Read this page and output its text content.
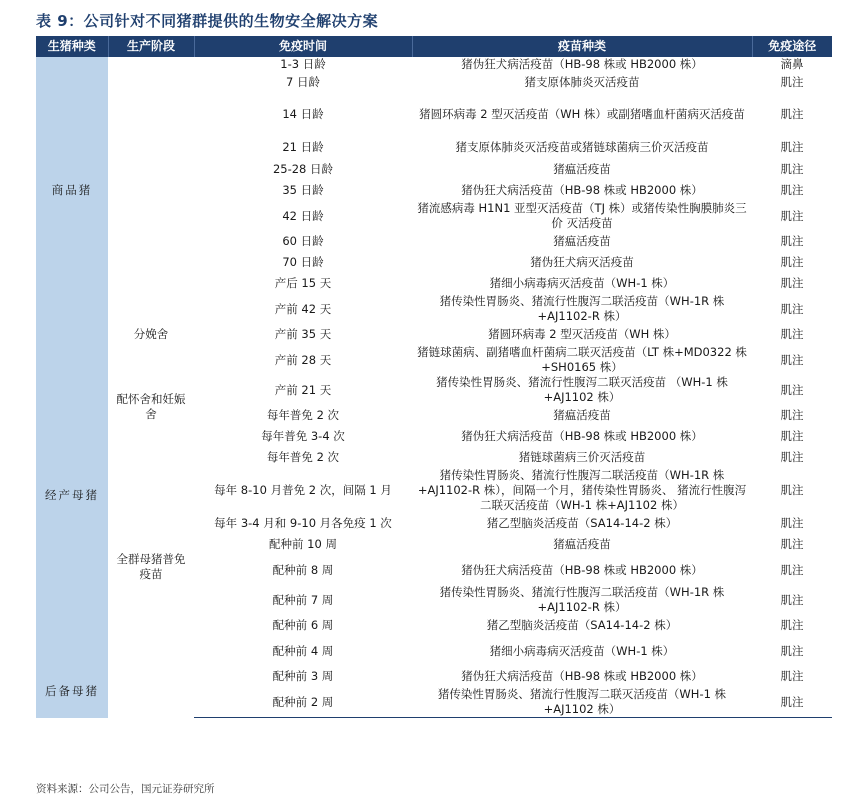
表 9：公司针对不同猪群提供的生物安全解决方案
生猪种类	生产阶段	免疫时间	疫苗种类	免疫途径
商品猪		1-3 日龄	猪伪狂犬病活疫苗（HB-98 株或 HB2000 株）	滴鼻
		7 日龄	猪支原体肺炎灭活疫苗	肌注
		14 日龄	猪圆环病毒 2 型灭活疫苗（WH 株）或副猪嗜血杆菌病灭活疫苗	肌注
		21 日龄	猪支原体肺炎灭活疫苗或猪链球菌病三价灭活疫苗	肌注
		25-28 日龄	猪瘟活疫苗	肌注
		35 日龄	猪伪狂犬病活疫苗（HB-98 株或 HB2000 株）	肌注
		42 日龄	猪流感病毒 H1N1 亚型灭活疫苗（TJ 株）或猪传染性胸膜肺炎三价 灭活疫苗	肌注
		60 日龄	猪瘟活疫苗	肌注
		70 日龄	猪伪狂犬病灭活疫苗	肌注
		产后 15 天	猪细小病毒病灭活疫苗（WH-1 株）	肌注
		产前 42 天	猪传染性胃肠炎、猪流行性腹泻二联活疫苗（WH-1R 株+AJ1102-R 株）	肌注
经产母猪	分娩舍	产前 35 天	猪圆环病毒 2 型灭活疫苗（WH 株）	肌注
	配怀舍和妊娠舍	产前 28 天	猪链球菌病、副猪嗜血杆菌病二联灭活疫苗（LT 株+MD0322 株+SH0165 株）	肌注
		产前 21 天	猪传染性胃肠炎、猪流行性腹泻二联灭活疫苗 （WH-1 株+AJ1102 株）	肌注
		每年普免 2 次	猪瘟活疫苗	肌注
		每年普免 3-4 次	猪伪狂犬病活疫苗（HB-98 株或 HB2000 株）	肌注
		每年普免 2 次	猪链球菌病三价灭活疫苗	肌注
	全群母猪普免疫苗	每年 8-10 月普免 2 次，间隔 1 月	猪传染性胃肠炎、猪流行性腹泻二联活疫苗（WH-1R 株+AJ1102-R 株），间隔一个月，猪传染性胃肠炎、 猪流行性腹泻二联灭活疫苗（WH-1 株+AJ1102 株）	肌注
		每年 3-4 月和 9-10 月各免疫 1 次	猪乙型脑炎活疫苗（SA14-14-2 株）	肌注
		配种前 10 周	猪瘟活疫苗	肌注
		配种前 8 周	猪伪狂犬病活疫苗（HB-98 株或 HB2000 株）	肌注
		配种前 7 周	猪传染性胃肠炎、猪流行性腹泻二联活疫苗（WH-1R 株+AJ1102-R 株）	肌注
		配种前 6 周	猪乙型脑炎活疫苗（SA14-14-2 株）	肌注
		配种前 4 周	猪细小病毒病灭活疫苗（WH-1 株）	肌注
后备母猪		配种前 3 周	猪伪狂犬病活疫苗（HB-98 株或 HB2000 株）	肌注
		配种前 2 周	猪传染性胃肠炎、猪流行性腹泻二联灭活疫苗（WH-1 株+AJ1102 株）	肌注
资料来源：公司公告，国元证券研究所
